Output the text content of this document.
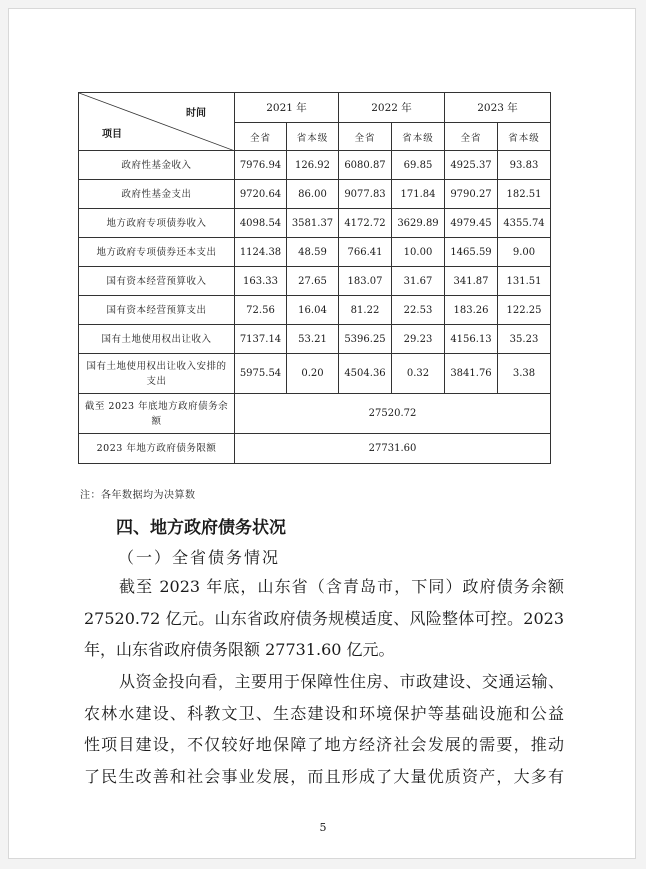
时间
项目	2021 年		2022 年		2023 年	
	全省	省本级	全省	省本级	全省	省本级
政府性基金收入	7976.94	126.92	6080.87	69.85	4925.37	93.83
政府性基金支出	9720.64	86.00	9077.83	171.84	9790.27	182.51
地方政府专项债券收入	4098.54	3581.37	4172.72	3629.89	4979.45	4355.74
地方政府专项债券还本支出	1124.38	48.59	766.41	10.00	1465.59	9.00
国有资本经营预算收入	163.33	27.65	183.07	31.67	341.87	131.51
国有资本经营预算支出	72.56	16.04	81.22	22.53	183.26	122.25
国有土地使用权出让收入	7137.14	53.21	5396.25	29.23	4156.13	35.23
国有土地使用权出让收入安排的支出	5975.54	0.20	4504.36	0.32	3841.76	3.38
截至 2023 年底地方政府债务余额	27520.72					
2023 年地方政府债务限额	27731.60					
注：各年数据均为决算数
四、地方政府债务状况
（一）全省债务情况
截至 2023 年底，山东省（含青岛市，下同）政府债务余额
27520.72 亿元。山东省政府债务规模适度、风险整体可控。2023
年，山东省政府债务限额 27731.60 亿元。
从资金投向看，主要用于保障性住房、市政建设、交通运输、
农林水建设、科教文卫、生态建设和环境保护等基础设施和公益
性项目建设，不仅较好地保障了地方经济社会发展的需要，推动
了民生改善和社会事业发展，而且形成了大量优质资产，大多有
5
